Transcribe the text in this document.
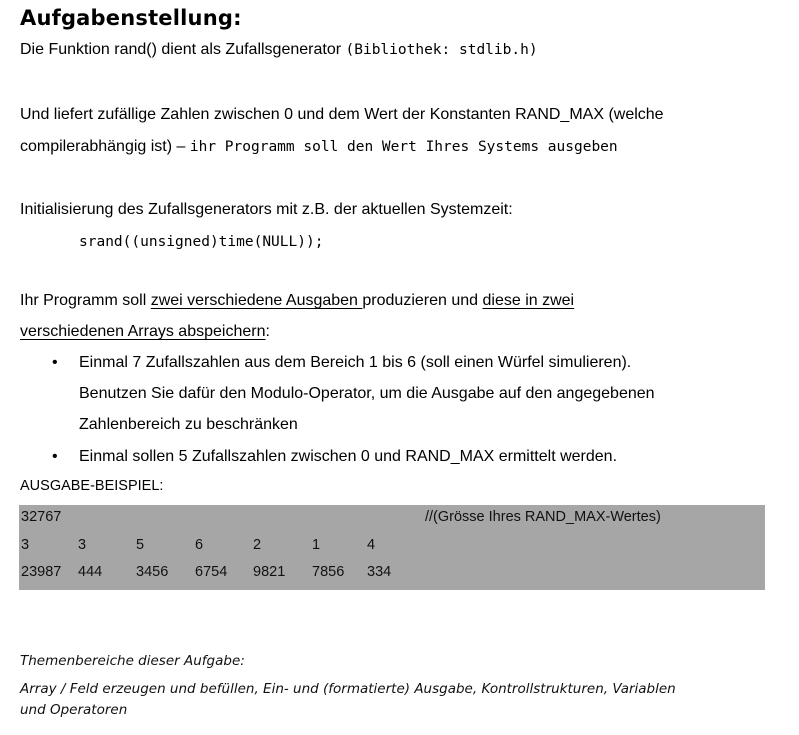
Aufgabenstellung:
Die Funktion rand() dient als Zufallsgenerator (Bibliothek: stdlib.h)
Und liefert zufällige Zahlen zwischen 0 und dem Wert der Konstanten RAND_MAX (welche
compilerabhängig ist) – ihr Programm soll den Wert Ihres Systems ausgeben
Initialisierung des Zufallsgenerators mit z.B. der aktuellen Systemzeit:
srand((unsigned)time(NULL));
Ihr Programm soll zwei verschiedene Ausgaben produzieren und diese in zwei
verschiedenen Arrays abspeichern:
• Einmal 7 Zufallszahlen aus dem Bereich 1 bis 6 (soll einen Würfel simulieren).
Benutzen Sie dafür den Modulo-Operator, um die Ausgabe auf den angegebenen
Zahlenbereich zu beschränken
• Einmal sollen 5 Zufallszahlen zwischen 0 und RAND_MAX ermittelt werden.
AUSGABE-BEISPIEL:
32767	//(Grösse Ihres RAND_MAX-Wertes)
3	3	5	6	2	1	4
23987 444 3456 6754 9821 7856 334
Themenbereiche dieser Aufgabe:
Array / Feld erzeugen und befüllen, Ein- und (formatierte) Ausgabe, Kontrollstrukturen, Variablen
und Operatoren
